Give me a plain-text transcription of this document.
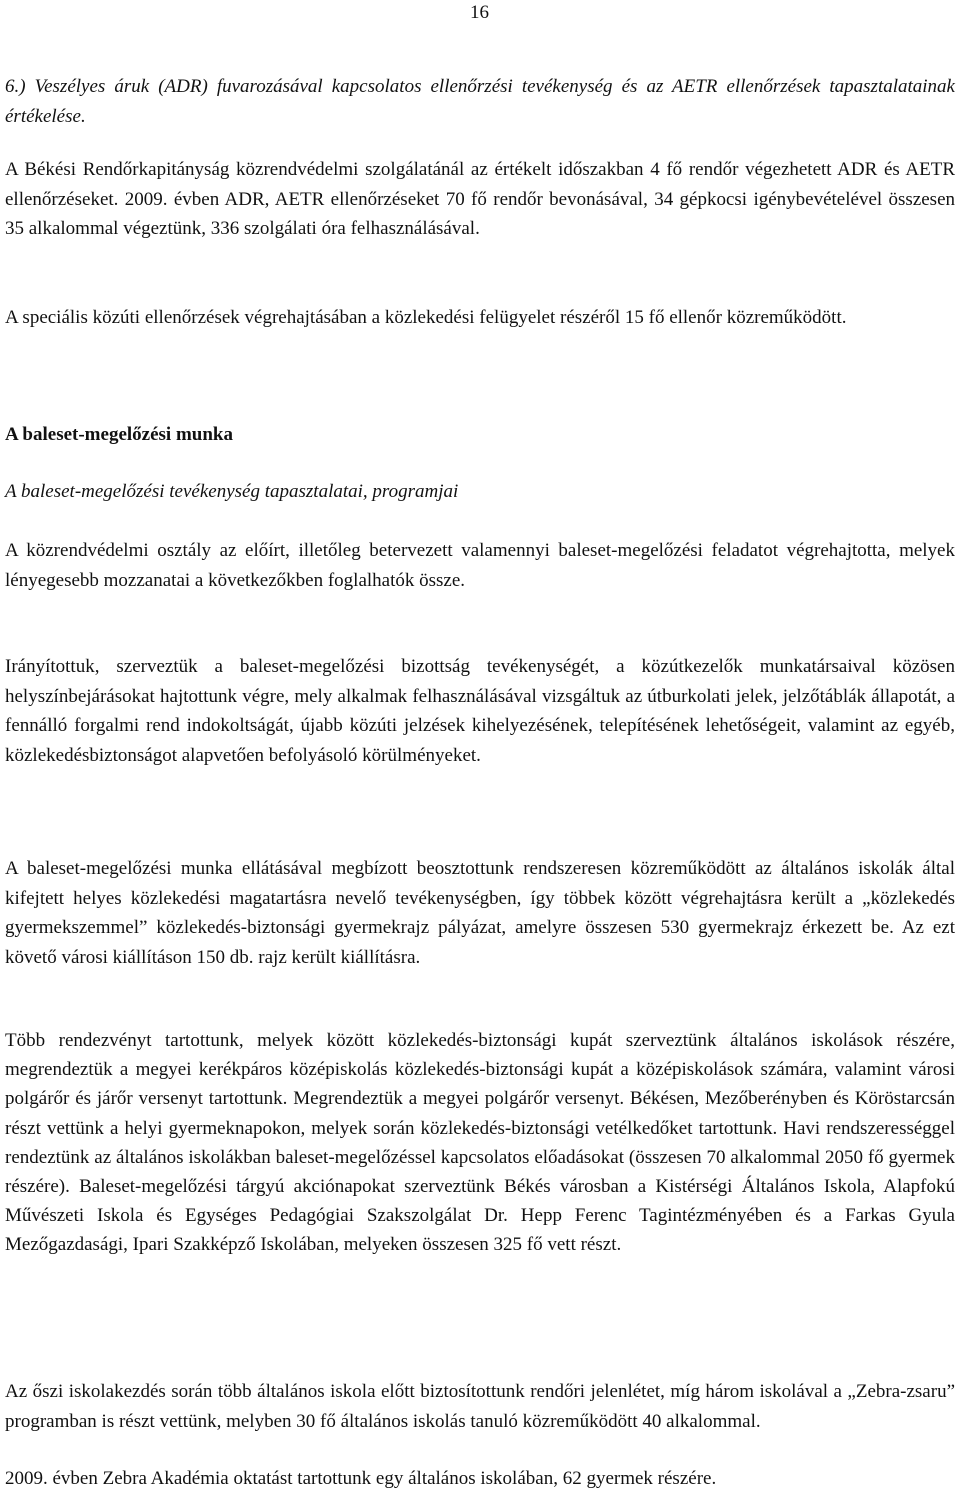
16
6.) Veszélyes áruk (ADR) fuvarozásával kapcsolatos ellenőrzési tevékenység és az AETR ellenőrzések tapasztalatainak értékelése.
A Békési Rendőrkapitányság közrendvédelmi szolgálatánál az értékelt időszakban 4 fő rendőr végezhetett ADR és AETR ellenőrzéseket. 2009. évben ADR, AETR ellenőrzéseket 70 fő rendőr bevonásával, 34 gépkocsi igénybevételével összesen 35 alkalommal végeztünk, 336 szolgálati óra felhasználásával.
A speciális közúti ellenőrzések végrehajtásában a közlekedési felügyelet részéről 15 fő ellenőr közreműködött.
A baleset-megelőzési munka
A baleset-megelőzési tevékenység tapasztalatai, programjai
A közrendvédelmi osztály az előírt, illetőleg betervezett valamennyi baleset-megelőzési feladatot végrehajtotta, melyek lényegesebb mozzanatai a következőkben foglalhatók össze.
Irányítottuk, szerveztük a baleset-megelőzési bizottság tevékenységét, a közútkezelők munkatársaival közösen helyszínbejárásokat hajtottunk végre, mely alkalmak felhasználásával vizsgáltuk az útburkolati jelek, jelzőtáblák állapotát, a fennálló forgalmi rend indokoltságát, újabb közúti jelzések kihelyezésének, telepítésének lehetőségeit, valamint az egyéb, közlekedésbiztonságot alapvetően befolyásoló körülményeket.
A baleset-megelőzési munka ellátásával megbízott beosztottunk rendszeresen közreműködött az általános iskolák által kifejtett helyes közlekedési magatartásra nevelő tevékenységben, így többek között végrehajtásra került a „közlekedés gyermekszemmel” közlekedés-biztonsági gyermekrajz pályázat, amelyre összesen 530 gyermekrajz érkezett be. Az ezt követő városi kiállításon 150 db. rajz került kiállításra.
Több rendezvényt tartottunk, melyek között közlekedés-biztonsági kupát szerveztünk általános iskolások részére, megrendeztük a megyei kerékpáros középiskolás közlekedés-biztonsági kupát a középiskolások számára, valamint városi polgárőr és járőr versenyt tartottunk. Megrendeztük a megyei polgárőr versenyt. Békésen, Mezőberényben és Köröstarcsán részt vettünk a helyi gyermeknapokon, melyek során közlekedés-biztonsági vetélkedőket tartottunk. Havi rendszerességgel rendeztünk az általános iskolákban baleset-megelőzéssel kapcsolatos előadásokat (összesen 70 alkalommal 2050 fő gyermek részére). Baleset-megelőzési tárgyú akciónapokat szerveztünk Békés városban a Kistérségi Általános Iskola, Alapfokú Művészeti Iskola és Egységes Pedagógiai Szakszolgálat Dr. Hepp Ferenc Tagintézményében és a Farkas Gyula Mezőgazdasági, Ipari Szakképző Iskolában, melyeken összesen 325 fő vett részt.
Az őszi iskolakezdés során több általános iskola előtt biztosítottunk rendőri jelenlétet, míg három iskolával a „Zebra-zsaru” programban is részt vettünk, melyben 30 fő általános iskolás tanuló közreműködött 40 alkalommal.
2009. évben Zebra Akadémia oktatást tartottunk egy általános iskolában, 62 gyermek részére.
